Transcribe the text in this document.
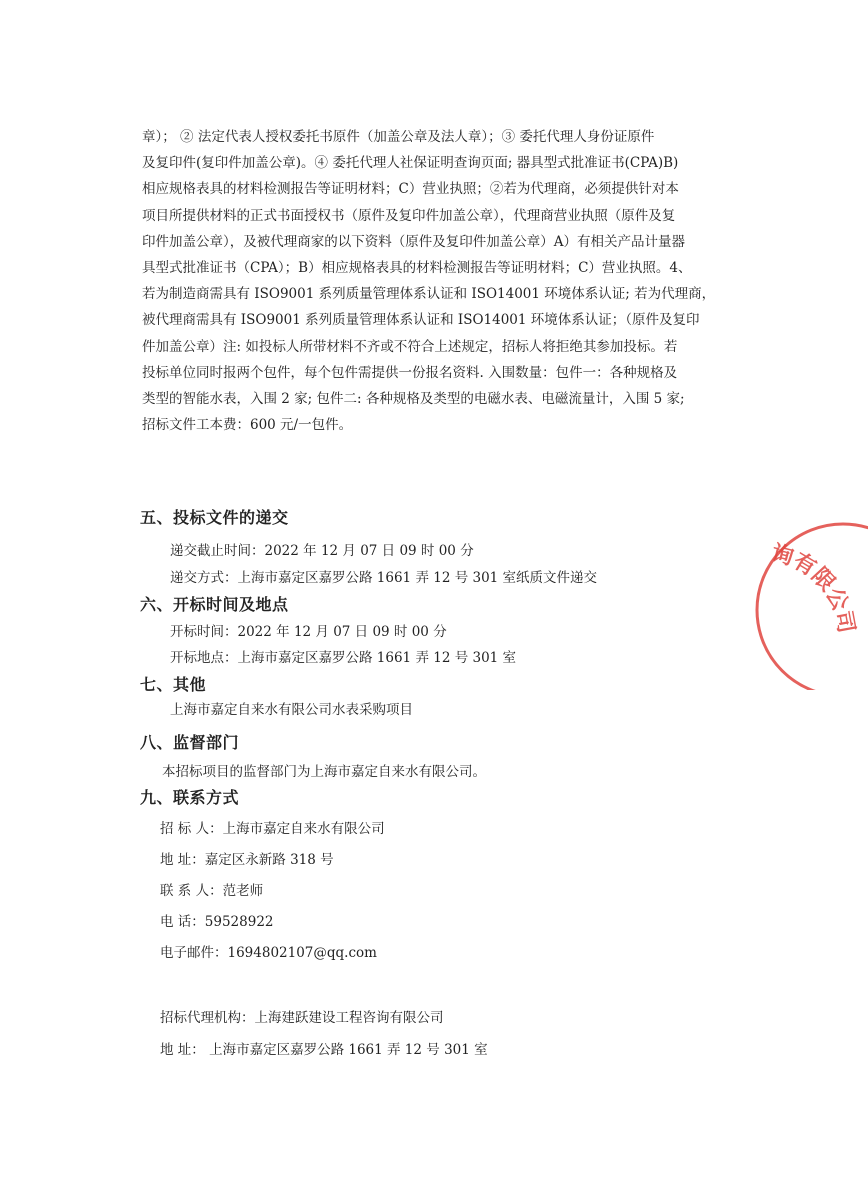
章）； ② 法定代表人授权委托书原件（加盖公章及法人章）；③ 委托代理人身份证原件
及复印件(复印件加盖公章)。④ 委托代理人社保证明查询页面; 器具型式批准证书(CPA)B)
相应规格表具的材料检测报告等证明材料；C）营业执照；②若为代理商，必须提供针对本
项目所提供材料的正式书面授权书（原件及复印件加盖公章），代理商营业执照（原件及复
印件加盖公章），及被代理商家的以下资料（原件及复印件加盖公章）A）有相关产品计量器
具型式批准证书（CPA）；B）相应规格表具的材料检测报告等证明材料；C）营业执照。4、
若为制造商需具有 ISO9001 系列质量管理体系认证和 ISO14001 环境体系认证; 若为代理商，
被代理商需具有 ISO9001 系列质量管理体系认证和 ISO14001 环境体系认证；（原件及复印
件加盖公章）注: 如投标人所带材料不齐或不符合上述规定，招标人将拒绝其参加投标。若
投标单位同时报两个包件，每个包件需提供一份报名资料. 入围数量：包件一：各种规格及
类型的智能水表，入围 2 家; 包件二: 各种规格及类型的电磁水表、电磁流量计，入围 5 家;
招标文件工本费：600 元/一包件。
五、投标文件的递交
递交截止时间：2022 年 12 月 07 日 09 时 00 分
递交方式：上海市嘉定区嘉罗公路 1661 弄 12 号 301 室纸质文件递交
六、开标时间及地点
开标时间：2022 年 12 月 07 日 09 时 00 分
开标地点：上海市嘉定区嘉罗公路 1661 弄 12 号 301 室
七、其他
上海市嘉定自来水有限公司水表采购项目
八、监督部门
本招标项目的监督部门为上海市嘉定自来水有限公司。
九、联系方式
招 标 人：上海市嘉定自来水有限公司
地 址：嘉定区永新路 318 号
联 系 人：范老师
电 话：59528922
电子邮件：1694802107@qq.com
招标代理机构：上海建跃建设工程咨询有限公司
地 址： 上海市嘉定区嘉罗公路 1661 弄 12 号 301 室
询有限公司
